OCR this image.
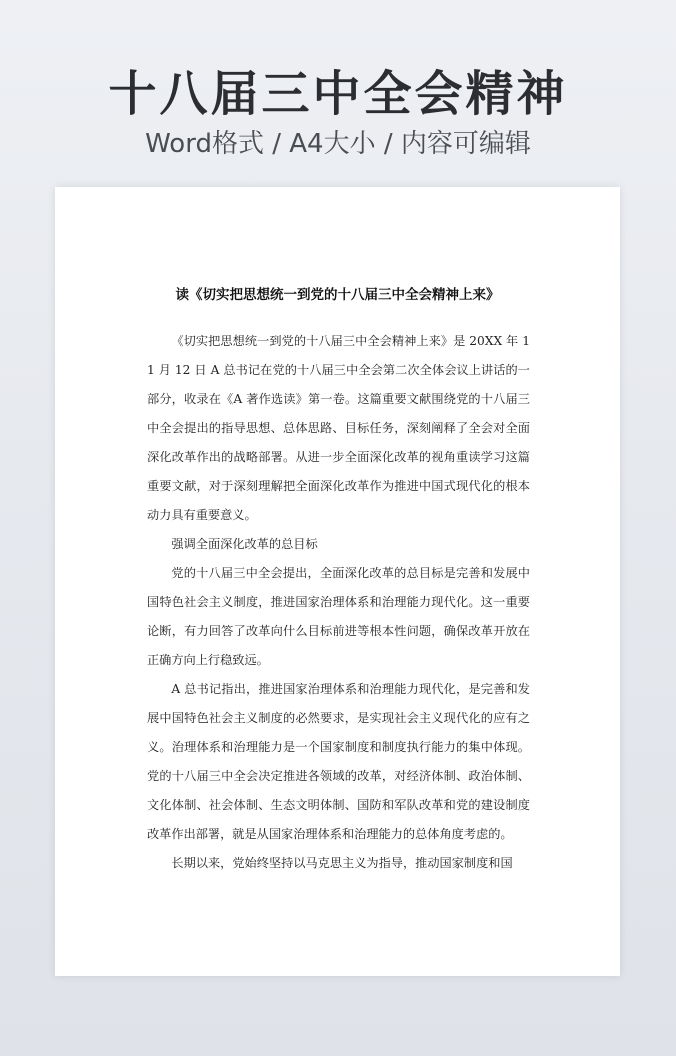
十八届三中全会精神
Word格式 / A4大小 / 内容可编辑
读《切实把思想统一到党的十八届三中全会精神上来》

《切实把思想统一到党的十八届三中全会精神上来》是 20XX 年 11 月 12 日 A 总书记在党的十八届三中全会第二次全体会议上讲话的一部分，收录在《A 著作选读》第一卷。这篇重要文献围绕党的十八届三中全会提出的指导思想、总体思路、目标任务，深刻阐释了全会对全面深化改革作出的战略部署。从进一步全面深化改革的视角重读学习这篇重要文献，对于深刻理解把全面深化改革作为推进中国式现代化的根本动力具有重要意义。

强调全面深化改革的总目标

党的十八届三中全会提出，全面深化改革的总目标是完善和发展中国特色社会主义制度，推进国家治理体系和治理能力现代化。这一重要论断，有力回答了改革向什么目标前进等根本性问题，确保改革开放在正确方向上行稳致远。

A 总书记指出，推进国家治理体系和治理能力现代化，是完善和发展中国特色社会主义制度的必然要求，是实现社会主义现代化的应有之义。治理体系和治理能力是一个国家制度和制度执行能力的集中体现。党的十八届三中全会决定推进各领域的改革，对经济体制、政治体制、文化体制、社会体制、生态文明体制、国防和军队改革和党的建设制度改革作出部署，就是从国家治理体系和治理能力的总体角度考虑的。

长期以来，党始终坚持以马克思主义为指导，推动国家制度和国
